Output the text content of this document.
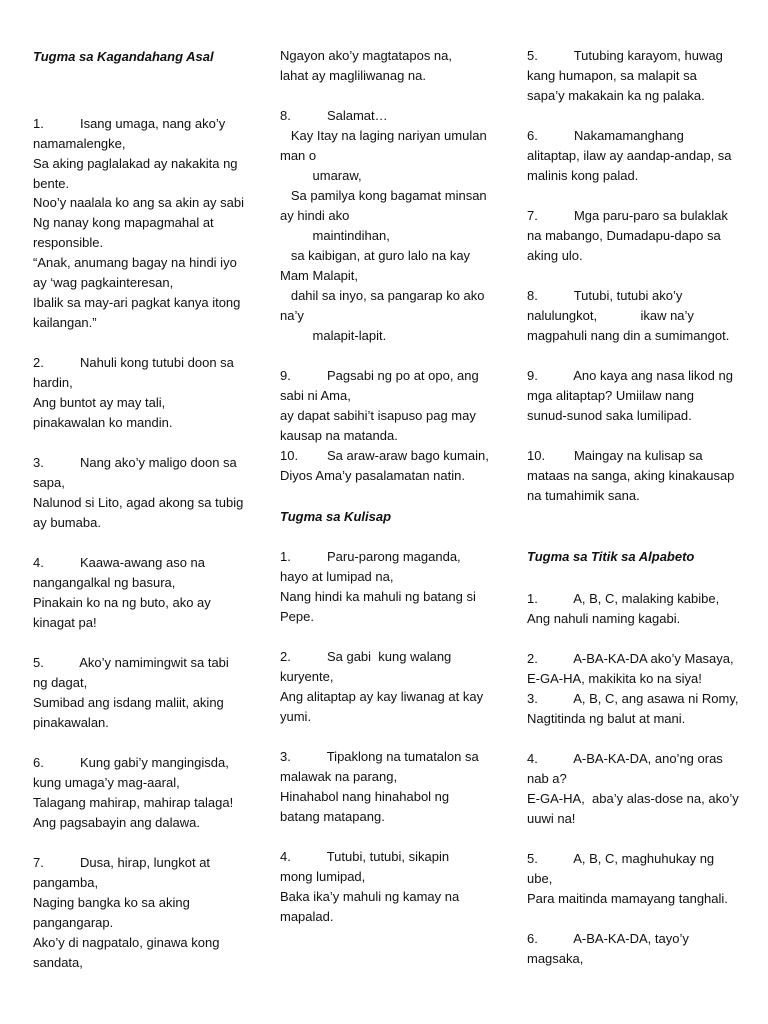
Tugma sa Kagandahang Asal
1.          Isang umaga, nang ako’y
namamalengke,
Sa aking paglalakad ay nakakita ng
bente.
Noo’y naalala ko ang sa akin ay sabi
Ng nanay kong mapagmahal at
responsible.
“Anak, anumang bagay na hindi iyo
ay ‘wag pagkainteresan,
Ibalik sa may-ari pagkat kanya itong
kailangan.”
2.          Nahuli kong tutubi doon sa
hardin,
Ang buntot ay may tali,
pinakawalan ko mandin.
3.          Nang ako’y maligo doon sa
sapa,
Nalunod si Lito, agad akong sa tubig
ay bumaba.
4.          Kaawa-awang aso na
nangangalkal ng basura,
Pinakain ko na ng buto, ako ay
kinagat pa!
5.          Ako’y namimingwit sa tabi
ng dagat,
Sumibad ang isdang maliit, aking
pinakawalan.
6.          Kung gabi’y mangingisda,
kung umaga’y mag-aaral,
Talagang mahirap, mahirap talaga!
Ang pagsabayin ang dalawa.
7.          Dusa, hirap, lungkot at
pangamba,
Naging bangka ko sa aking
pangangarap.
Ako’y di nagpatalo, ginawa kong
sandata,
Ngayon ako’y magtatapos na,
lahat ay magliliwanag na.
8.          Salamat…
Kay Itay na laging nariyan umulan
man o
umaraw,
Sa pamilya kong bagamat minsan
ay hindi ako
maintindihan,
sa kaibigan, at guro lalo na kay
Mam Malapit,
dahil sa inyo, sa pangarap ko ako
na’y
malapit-lapit.
9.          Pagsabi ng po at opo, ang
sabi ni Ama,
ay dapat sabihi’t isapuso pag may
kausap na matanda.
10.        Sa araw-araw bago kumain,
Diyos Ama’y pasalamatan natin.
Tugma sa Kulisap
1.          Paru-parong maganda,
hayo at lumipad na,
Nang hindi ka mahuli ng batang si
Pepe.
2.          Sa gabi  kung walang
kuryente,
Ang alitaptap ay kay liwanag at kay
yumi.
3.          Tipaklong na tumatalon sa
malawak na parang,
Hinahabol nang hinahabol ng
batang matapang.
4.          Tutubi, tutubi, sikapin
mong lumipad,
Baka ika’y mahuli ng kamay na
mapalad.
5.          Tutubing karayom, huwag
kang humapon, sa malapit sa
sapa’y makakain ka ng palaka.
6.          Nakamamanghang
alitaptap, ilaw ay aandap-andap, sa
malinis kong palad.
7.          Mga paru-paro sa bulaklak
na mabango, Dumadapu-dapo sa
aking ulo.
8.          Tutubi, tutubi ako’y
nalulungkot,            ikaw na’y
magpahuli nang din a sumimangot.
9.          Ano kaya ang nasa likod ng
mga alitaptap? Umiilaw nang
sunud-sunod saka lumilipad.
10.        Maingay na kulisap sa
mataas na sanga, aking kinakausap
na tumahimik sana.
Tugma sa Titik sa Alpabeto
1.          A, B, C, malaking kabibe,
Ang nahuli naming kagabi.
2.          A-BA-KA-DA ako’y Masaya,
E-GA-HA, makikita ko na siya!
3.          A, B, C, ang asawa ni Romy,
Nagtitinda ng balut at mani.
4.          A-BA-KA-DA, ano’ng oras
nab a?
E-GA-HA,  aba’y alas-dose na, ako’y
uuwi na!
5.          A, B, C, maghuhukay ng
ube,
Para maitinda mamayang tanghali.
6.          A-BA-KA-DA, tayo’y
magsaka,
